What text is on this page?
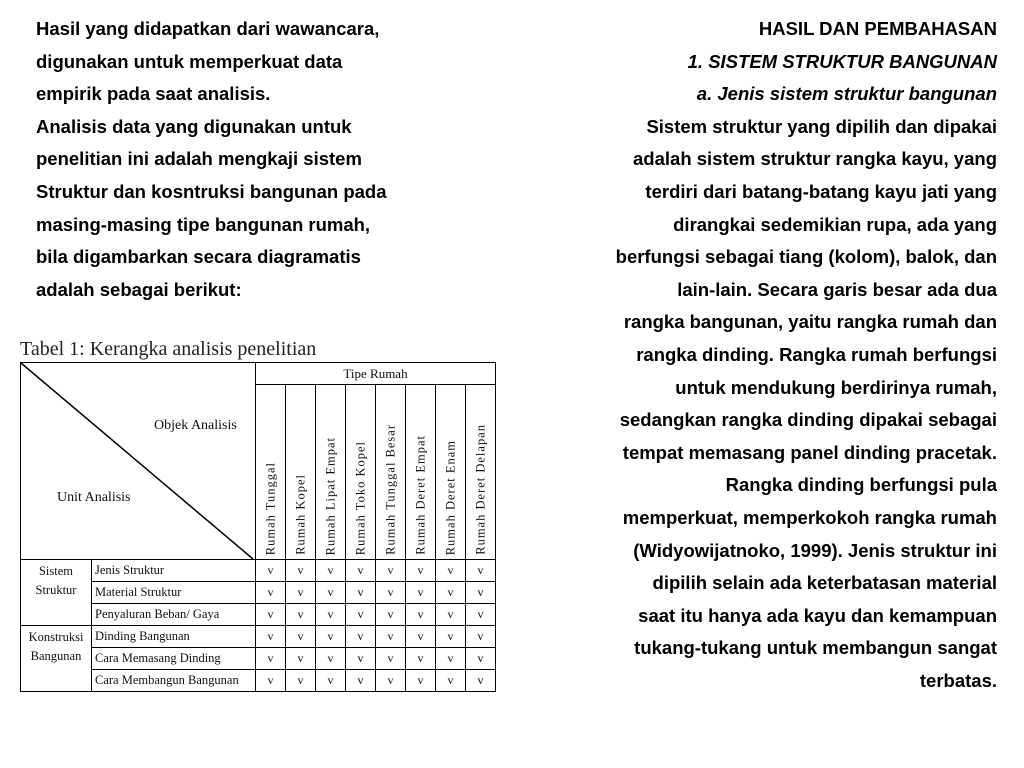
Hasil yang didapatkan dari wawancara,
digunakan untuk memperkuat data
empirik pada saat analisis.

Analisis data yang digunakan untuk
penelitian ini adalah mengkaji sistem
Struktur dan kosntruksi bangunan pada
masing-masing tipe bangunan rumah,
bila digambarkan secara diagramatis
adalah sebagai berikut:

HASIL DAN PEMBAHASAN

1. SISTEM STRUKTUR BANGUNAN

a. Jenis sistem struktur bangunan

Sistem struktur yang dipilih dan dipakai
adalah sistem struktur rangka kayu, yang
terdiri dari batang-batang kayu jati yang
dirangkai sedemikian rupa, ada yang
berfungsi sebagai tiang (kolom), balok, dan
lain-lain. Secara garis besar ada dua
rangka bangunan, yaitu rangka rumah dan
rangka dinding. Rangka rumah berfungsi
untuk mendukung berdirinya rumah,
sedangkan rangka dinding dipakai sebagai
tempat memasang panel dinding pracetak.
Rangka dinding berfungsi pula
memperkuat, memperkokoh rangka rumah
(Widyowijatnoko, 1999). Jenis struktur ini
dipilih selain ada keterbatasan material
saat itu hanya ada kayu dan kemampuan
tukang-tukang untuk membangun sangat
terbatas.

Tabel 1: Kerangka analisis penelitian
Objek Analisis
Unit Analisis		Tipe Rumah							

		Rumah Tunggal	Rumah Kopel	Rumah Lipat Empat	Rumah Toko Kopel	Rumah Tunggal Besar	Rumah Deret Empat	Rumah Deret Enam	Rumah Deret Delapan

Sistem Struktur	Jenis Struktur	v	v	v	v	v	v	v	v
	Material Struktur	v	v	v	v	v	v	v	v
	Penyaluran Beban/ Gaya	v	v	v	v	v	v	v	v
Konstruksi Bangunan	Dinding Bangunan	v	v	v	v	v	v	v	v
	Cara Memasang Dinding	v	v	v	v	v	v	v	v
	Cara Membangun Bangunan	v	v	v	v	v	v	v	v
